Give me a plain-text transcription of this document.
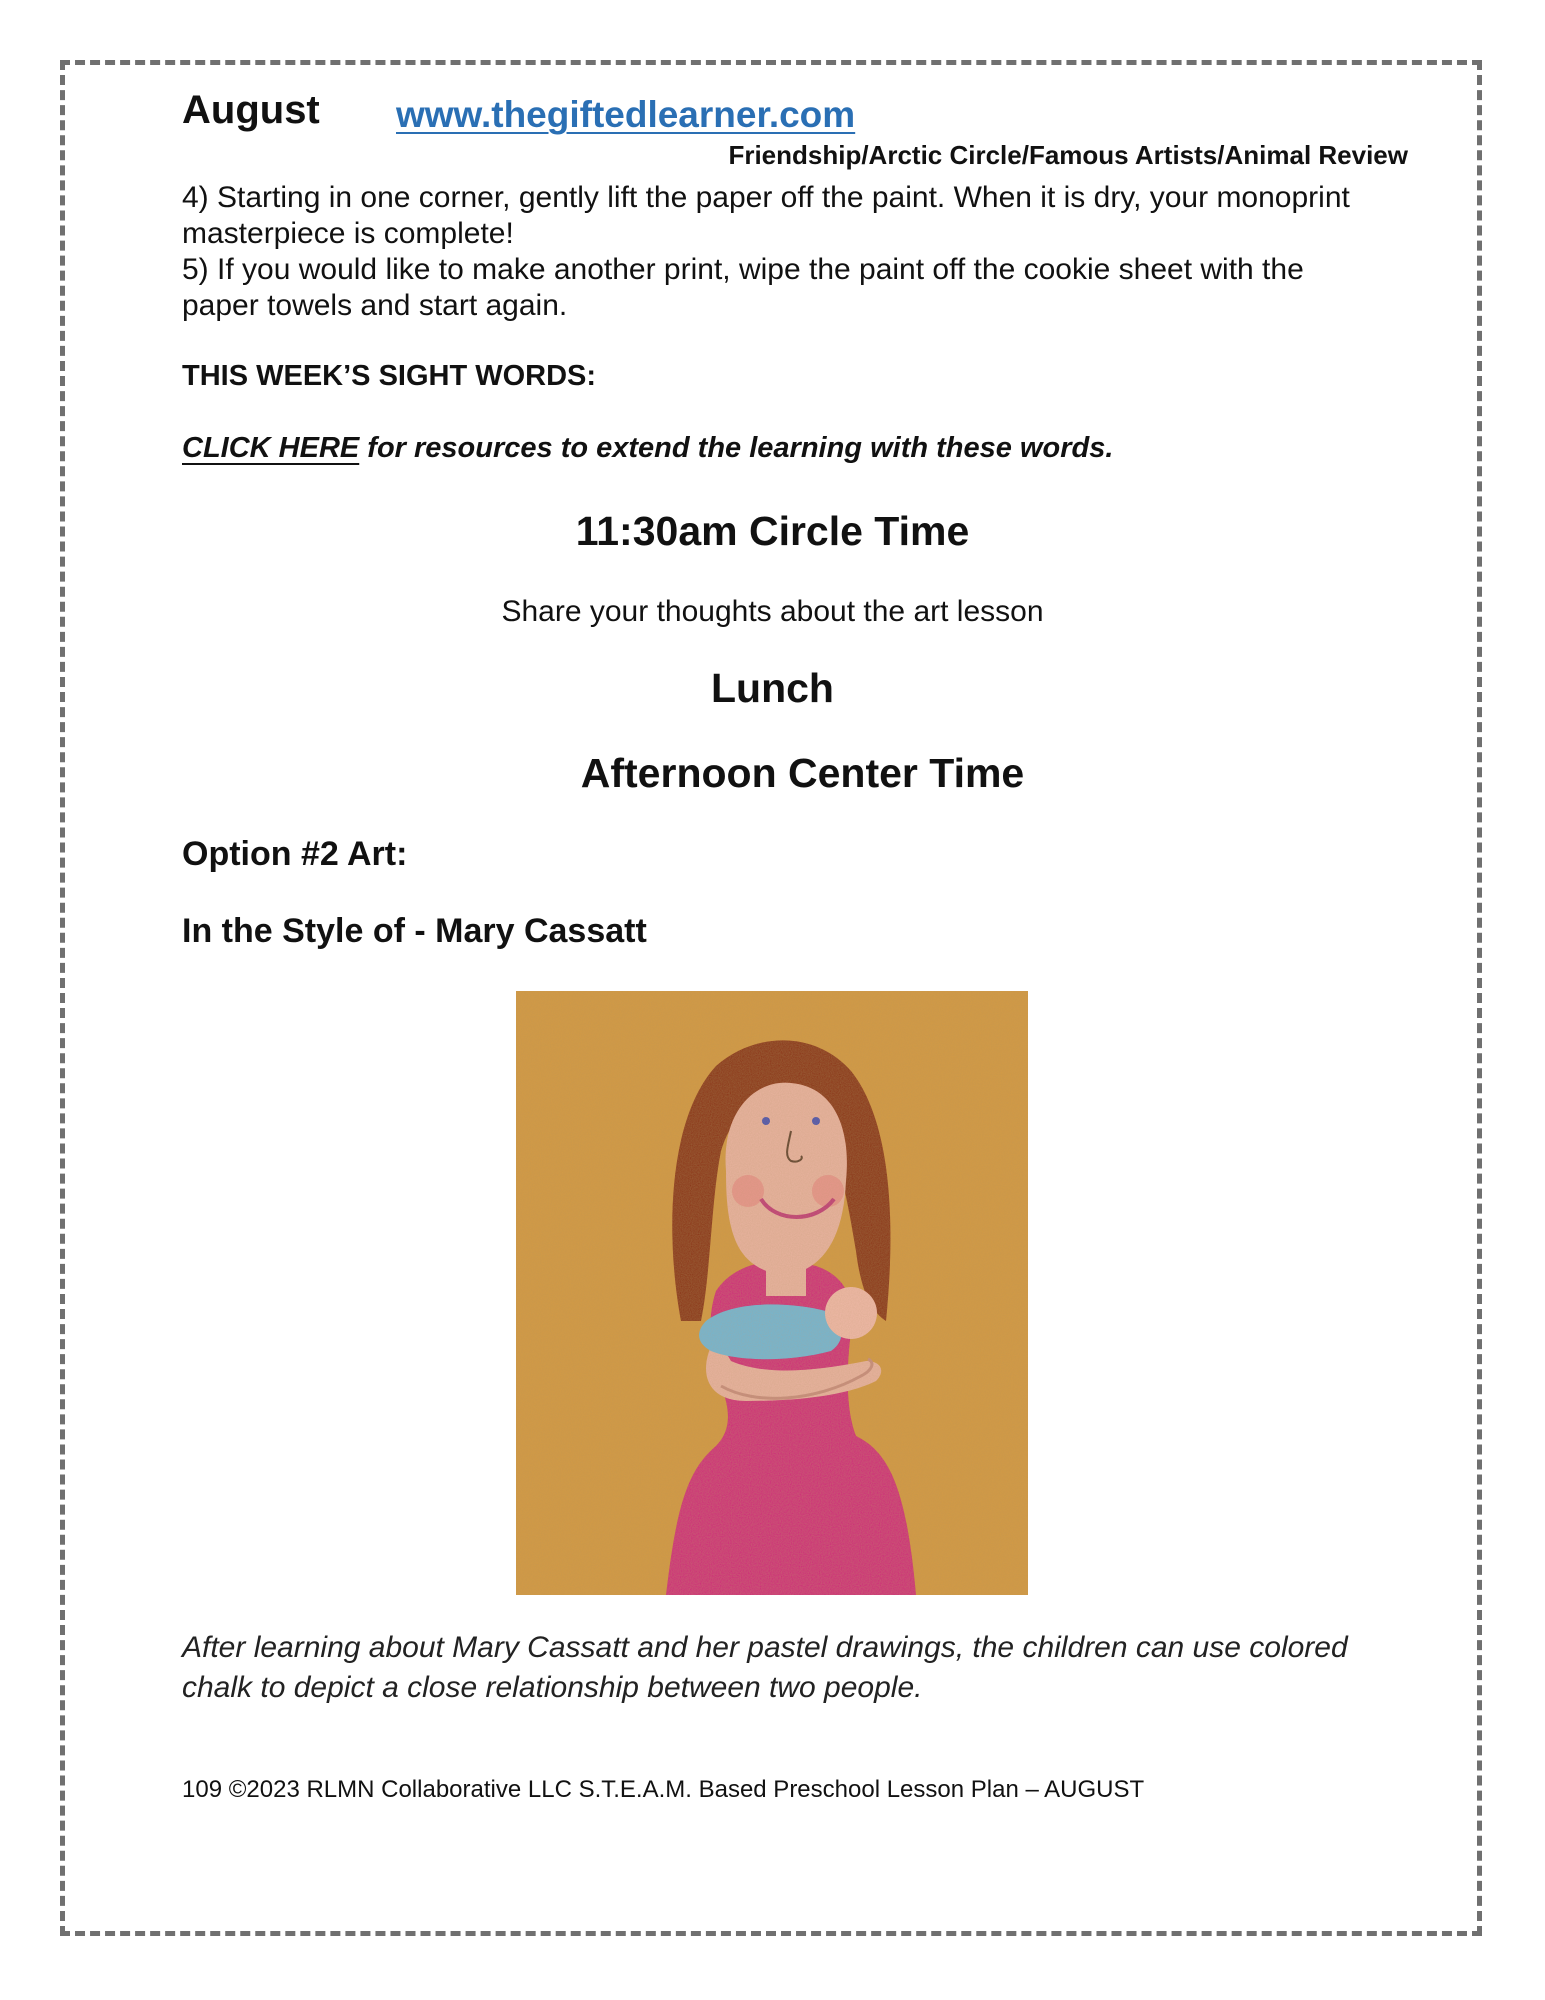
August www.thegiftedlearner.com
Friendship/Arctic Circle/Famous Artists/Animal Review

4) Starting in one corner, gently lift the paper off the paint. When it is dry, your monoprint masterpiece is complete!

5) If you would like to make another print, wipe the paint off the cookie sheet with the paper towels and start again.

THIS WEEK’S SIGHT WORDS:
CLICK HERE for resources to extend the learning with these words.
11:30am Circle Time
Share your thoughts about the art lesson
Lunch
Afternoon Center Time
Option #2 Art:
In the Style of - Mary Cassatt
After learning about Mary Cassatt and her pastel drawings, the children can use colored chalk to depict a close relationship between two people.
109 ©2023 RLMN Collaborative LLC S.T.E.A.M. Based Preschool Lesson Plan – AUGUST
